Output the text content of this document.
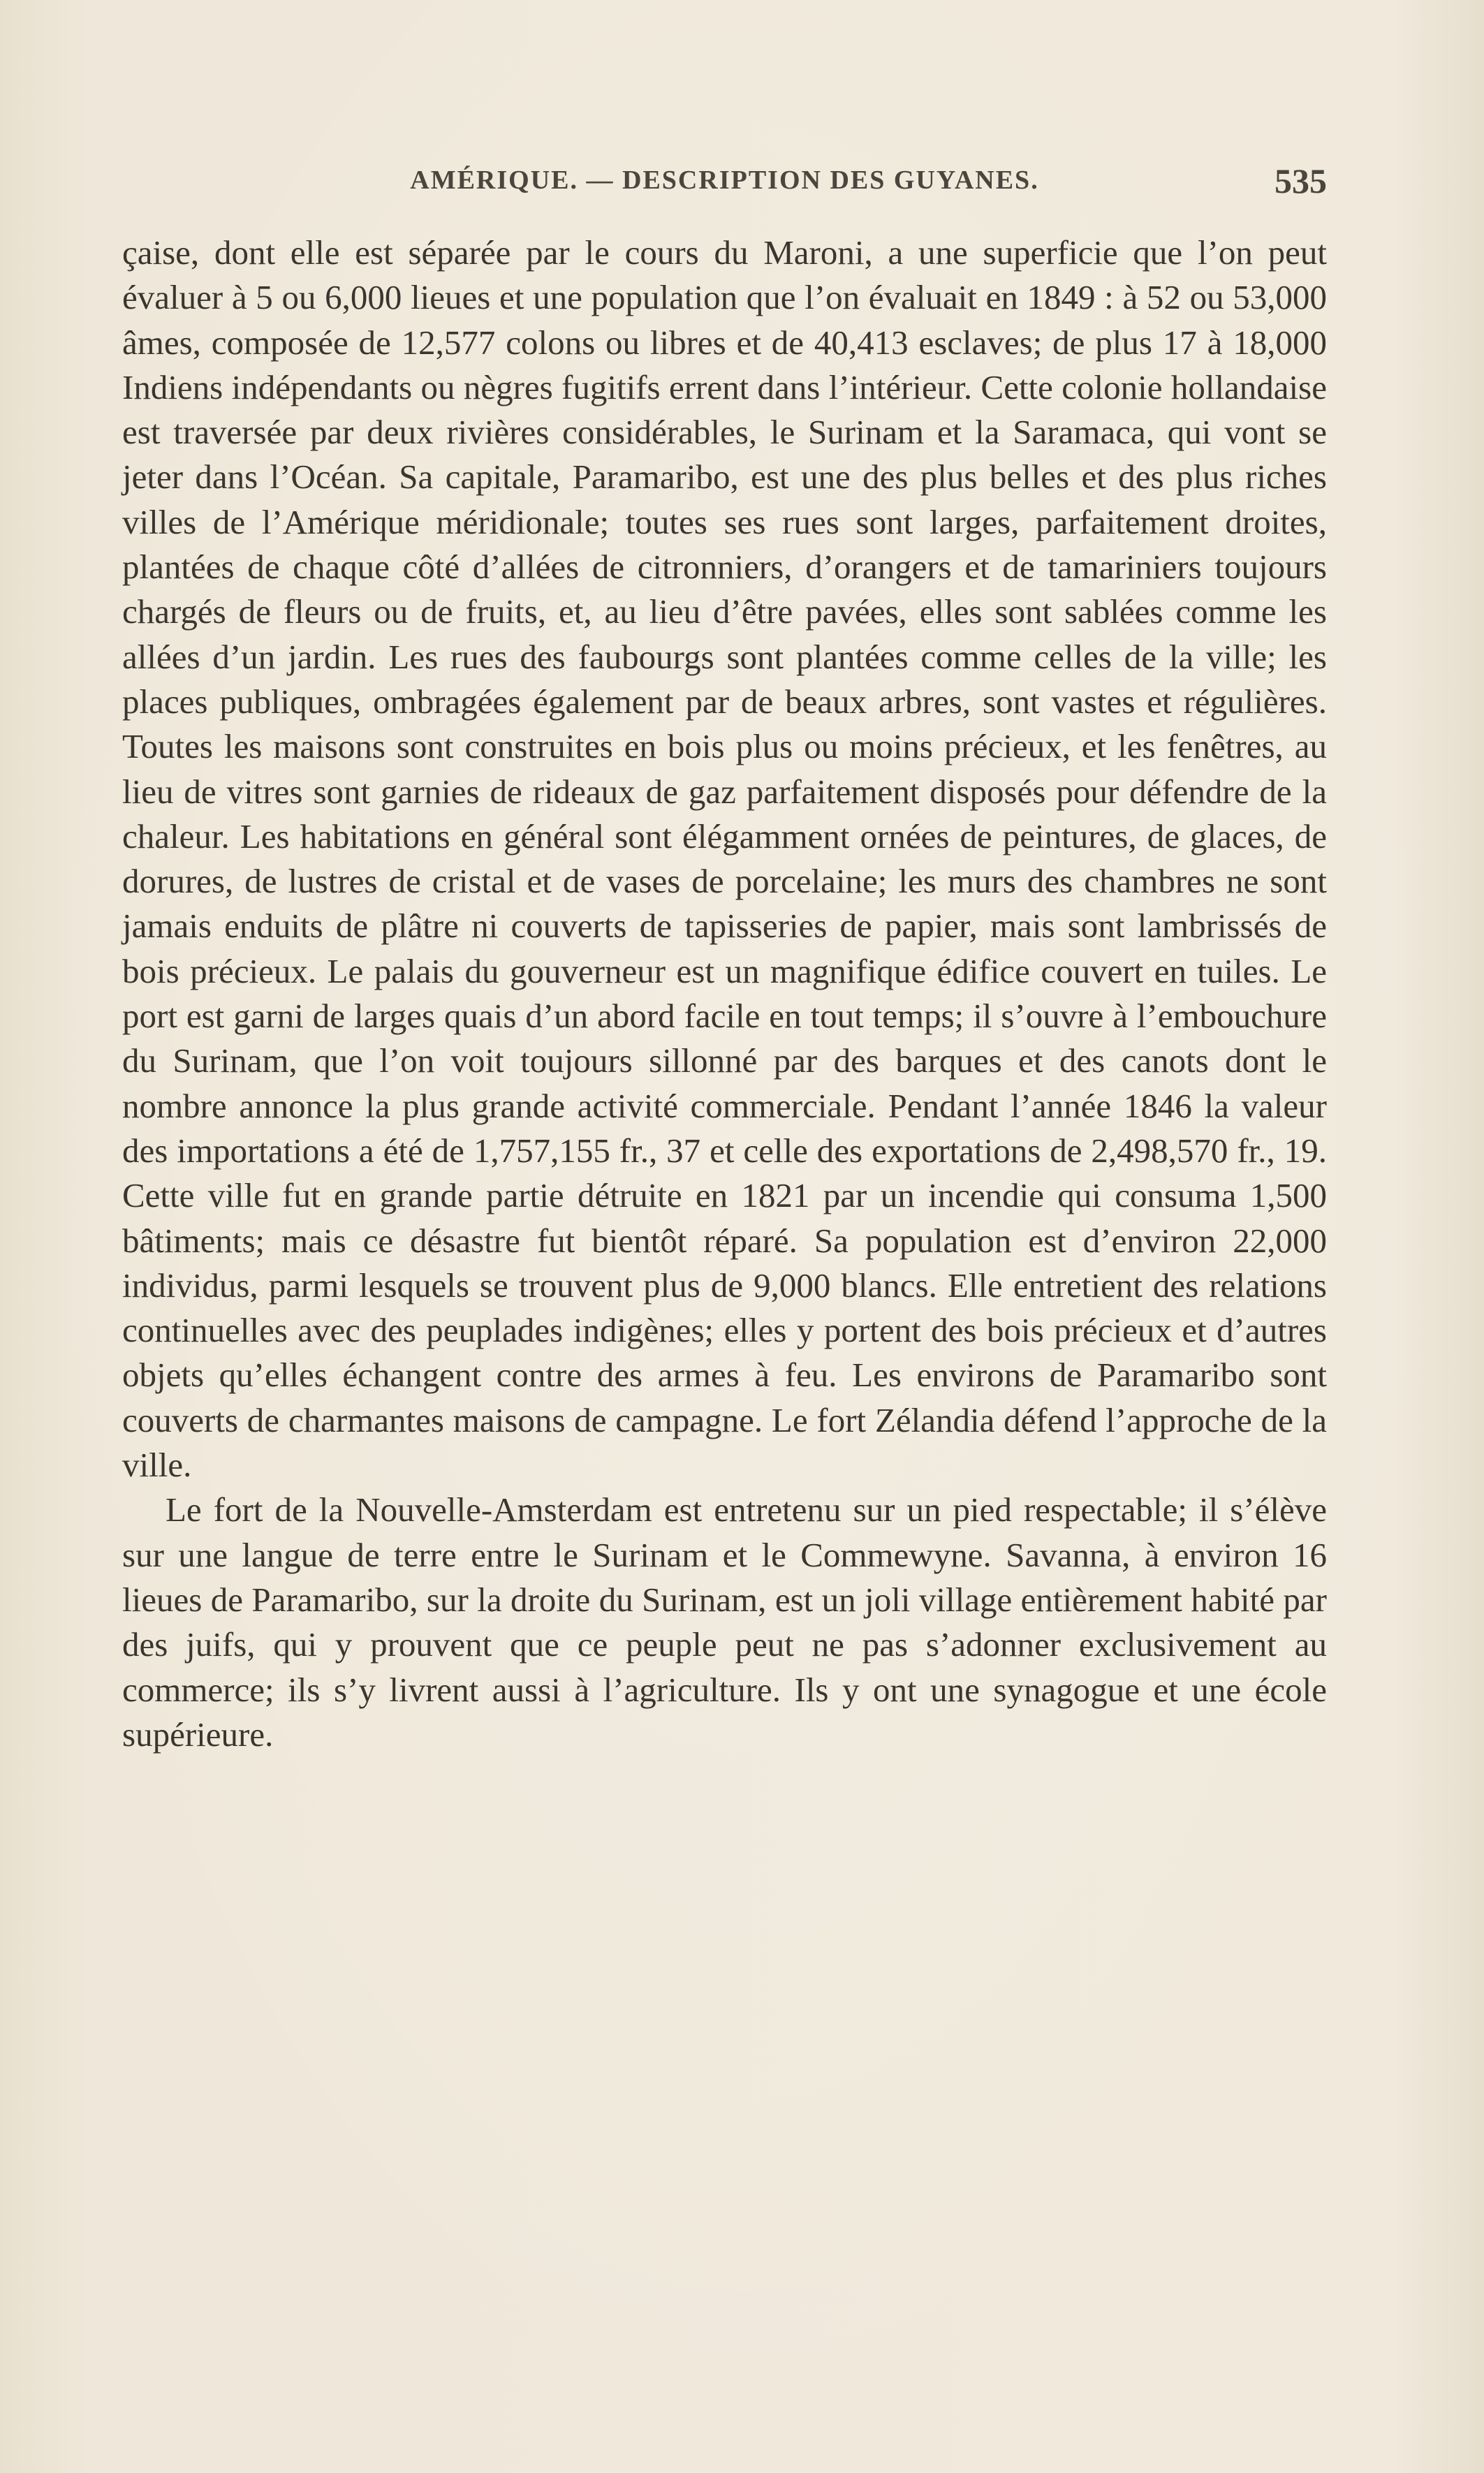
AMÉRIQUE. — DESCRIPTION DES GUYANES.	535

çaise, dont elle est séparée par le cours du Maroni, a une superficie que l’on peut évaluer à 5 ou 6,000 lieues et une population que l’on évaluait en 1849 : à 52 ou 53,000 âmes, composée de 12,577 colons ou libres et de 40,413 esclaves; de plus 17 à 18,000 Indiens indépendants ou nègres fugitifs errent dans l’intérieur. Cette colonie hollandaise est traversée par deux rivières considérables, le Surinam et la Saramaca, qui vont se jeter dans l’Océan. Sa capitale, Paramaribo, est une des plus belles et des plus riches villes de l’Amérique méridionale; toutes ses rues sont larges, parfaitement droites, plantées de chaque côté d’allées de citronniers, d’orangers et de tamariniers toujours chargés de fleurs ou de fruits, et, au lieu d’être pavées, elles sont sablées comme les allées d’un jardin. Les rues des faubourgs sont plantées comme celles de la ville; les places publiques, ombragées également par de beaux arbres, sont vastes et régulières. Toutes les maisons sont construites en bois plus ou moins précieux, et les fenêtres, au lieu de vitres sont garnies de rideaux de gaz parfaitement disposés pour défendre de la chaleur. Les habitations en général sont élégamment ornées de peintures, de glaces, de dorures, de lustres de cristal et de vases de porcelaine; les murs des chambres ne sont jamais enduits de plâtre ni couverts de tapisseries de papier, mais sont lambrissés de bois précieux. Le palais du gouverneur est un magnifique édifice couvert en tuiles. Le port est garni de larges quais d’un abord facile en tout temps; il s’ouvre à l’embouchure du Surinam, que l’on voit toujours sillonné par des barques et des canots dont le nombre annonce la plus grande activité commerciale. Pendant l’année 1846 la valeur des importations a été de 1,757,155 fr., 37 et celle des exportations de 2,498,570 fr., 19. Cette ville fut en grande partie détruite en 1821 par un incendie qui consuma 1,500 bâtiments; mais ce désastre fut bientôt réparé. Sa population est d’environ 22,000 individus, parmi lesquels se trouvent plus de 9,000 blancs. Elle entretient des relations continuelles avec des peuplades indigènes; elles y portent des bois précieux et d’autres objets qu’elles échangent contre des armes à feu. Les environs de Paramaribo sont couverts de charmantes maisons de campagne. Le fort Zélandia défend l’approche de la ville.

Le fort de la Nouvelle-Amsterdam est entretenu sur un pied respectable; il s’élève sur une langue de terre entre le Surinam et le Commewyne. Savanna, à environ 16 lieues de Paramaribo, sur la droite du Surinam, est un joli village entièrement habité par des juifs, qui y prouvent que ce peuple peut ne pas s’adonner exclusivement au commerce; ils s’y livrent aussi à l’agriculture. Ils y ont une synagogue et une école supérieure.
